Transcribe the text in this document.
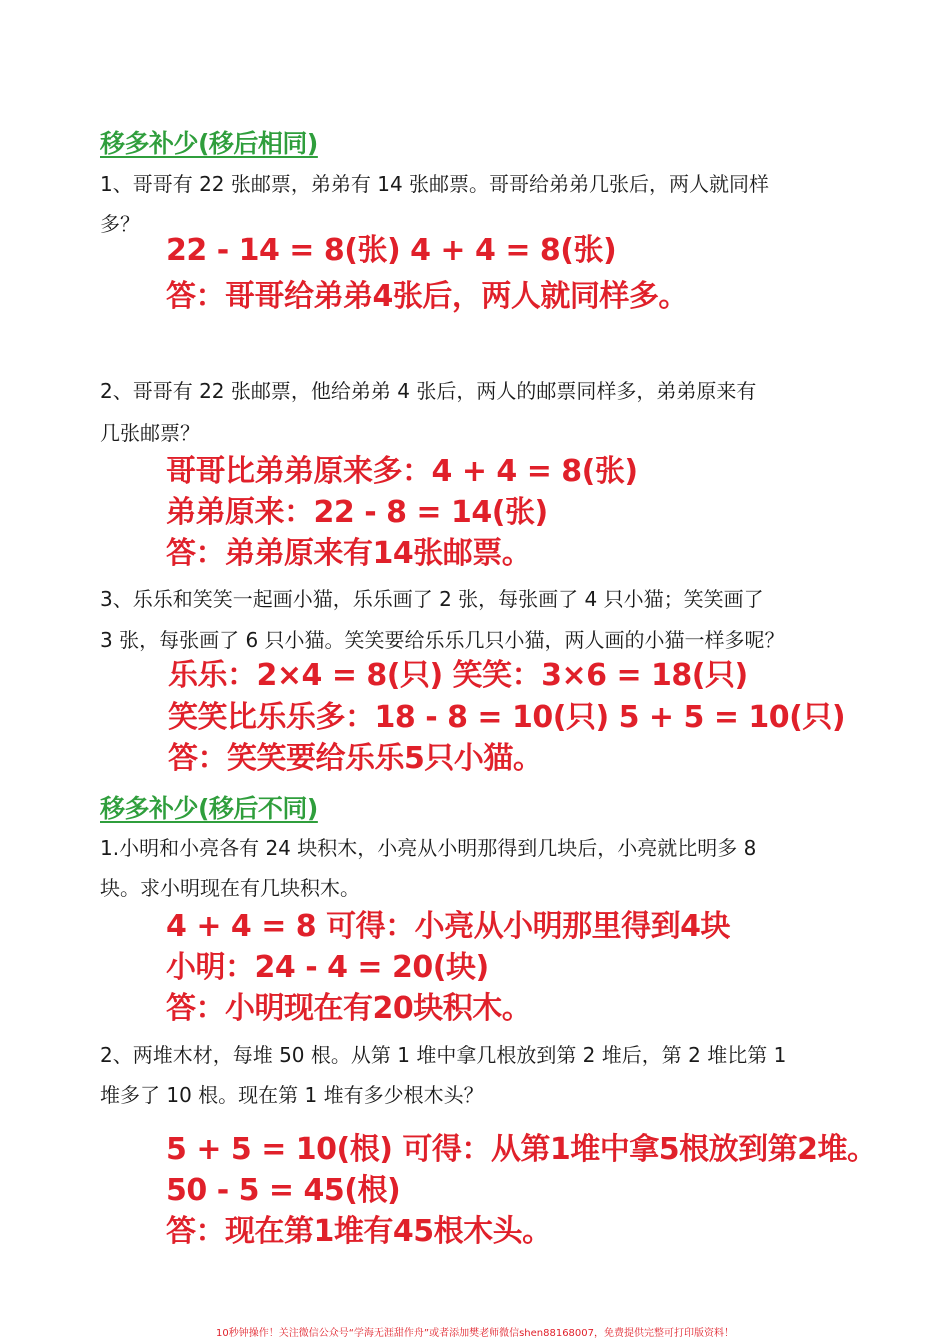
移多补少(移后相同)
1、哥哥有 22 张邮票，弟弟有 14 张邮票。哥哥给弟弟几张后，两人就同样
多？
22 - 14 = 8(张) 4 + 4 = 8(张)
答：哥哥给弟弟4张后，两人就同样多。
2、哥哥有 22 张邮票，他给弟弟 4 张后，两人的邮票同样多，弟弟原来有
几张邮票？
哥哥比弟弟原来多：4 + 4 = 8(张)
弟弟原来：22 - 8 = 14(张)
答：弟弟原来有14张邮票。
3、乐乐和笑笑一起画小猫，乐乐画了 2 张，每张画了 4 只小猫；笑笑画了
3 张，每张画了 6 只小猫。笑笑要给乐乐几只小猫，两人画的小猫一样多呢？
乐乐：2×4 = 8(只) 笑笑：3×6 = 18(只)
笑笑比乐乐多：18 - 8 = 10(只) 5 + 5 = 10(只)
答：笑笑要给乐乐5只小猫。
移多补少(移后不同)
1.小明和小亮各有 24 块积木，小亮从小明那得到几块后，小亮就比明多 8
块。求小明现在有几块积木。
4 + 4 = 8 可得：小亮从小明那里得到4块
小明：24 - 4 = 20(块)
答：小明现在有20块积木。
2、两堆木材，每堆 50 根。从第 1 堆中拿几根放到第 2 堆后，第 2 堆比第 1
堆多了 10 根。现在第 1 堆有多少根木头？
5 + 5 = 10(根) 可得：从第1堆中拿5根放到第2堆。
50 - 5 = 45(根)
答：现在第1堆有45根木头。
10秒钟操作！关注微信公众号“学海无涯甜作舟”或者添加樊老师微信shen88168007，免费提供完整可打印版资料！
